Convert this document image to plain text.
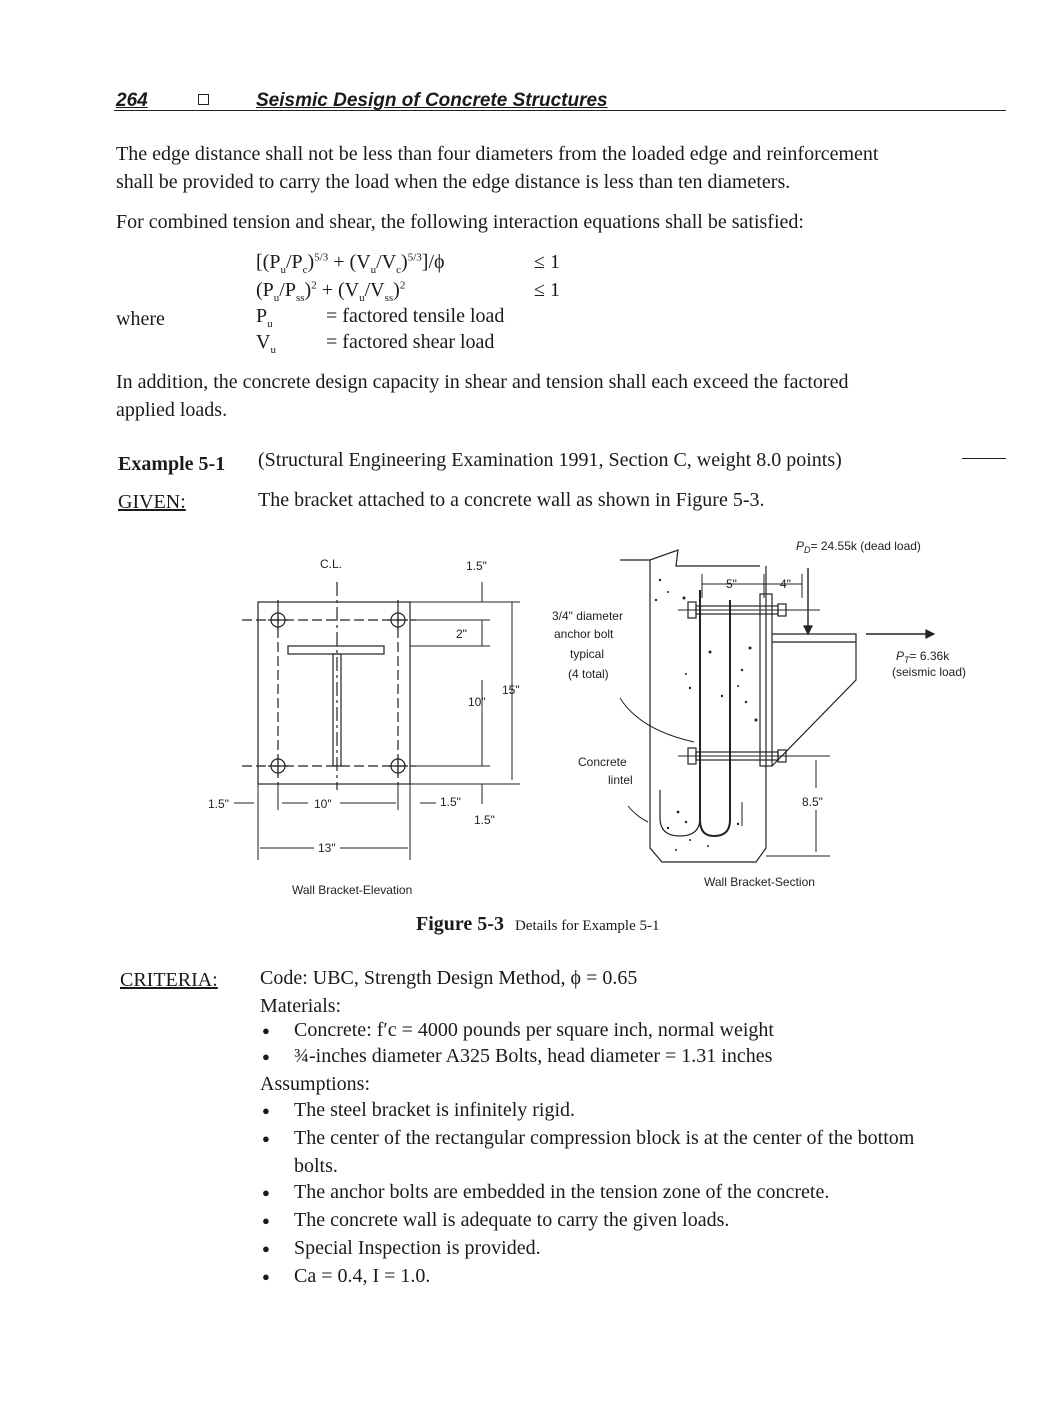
264	Seismic Design of Concrete Structures
The edge distance shall not be less than four diameters from the loaded edge and reinforcement
shall be provided to carry the load when the edge distance is less than ten diameters.
For combined tension and shear, the following interaction equations shall be satisfied:
$[(P_u/P_c)^{5/3} + (V_u/V_c)^{5/3}]/\phi$	≤ 1
$(P_u/P_{ss})^2 + (V_u/V_{ss})^2$	≤ 1
where	$P_u$	= factored tensile load
$V_u$	= factored shear load
In addition, the concrete design capacity in shear and tension shall each exceed the factored
applied loads.
Example 5-1 (Structural Engineering Examination 1991, Section C, weight 8.0 points)
GIVEN:	The bracket attached to a concrete wall as shown in Figure 5-3.
C.L.	1.5"
2"
10"
15"
1.5"	10"	1.5"
1.5"
13"
Wall Bracket-Elevation
$P_D= 24.55k$ (dead load)
3/4" diameter
anchor bolt
typical
(4 total)
5"	4"
$P_T= 6.36k$
(seismic load)
Concrete
lintel
8.5"
Wall Bracket-Section
Figure 5-3 Details for Example 5-1
CRITERIA: Code: UBC, Strength Design Method, ϕ = 0.65
Materials:
● Concrete: f′c = 4000 pounds per square inch, normal weight
● ¾-inches diameter A325 Bolts, head diameter = 1.31 inches
Assumptions:
● The steel bracket is infinitely rigid.
● The center of the rectangular compression block is at the center of the bottom
bolts.
● The anchor bolts are embedded in the tension zone of the concrete.
● The concrete wall is adequate to carry the given loads.
● Special Inspection is provided.
● Ca = 0.4, I = 1.0.
